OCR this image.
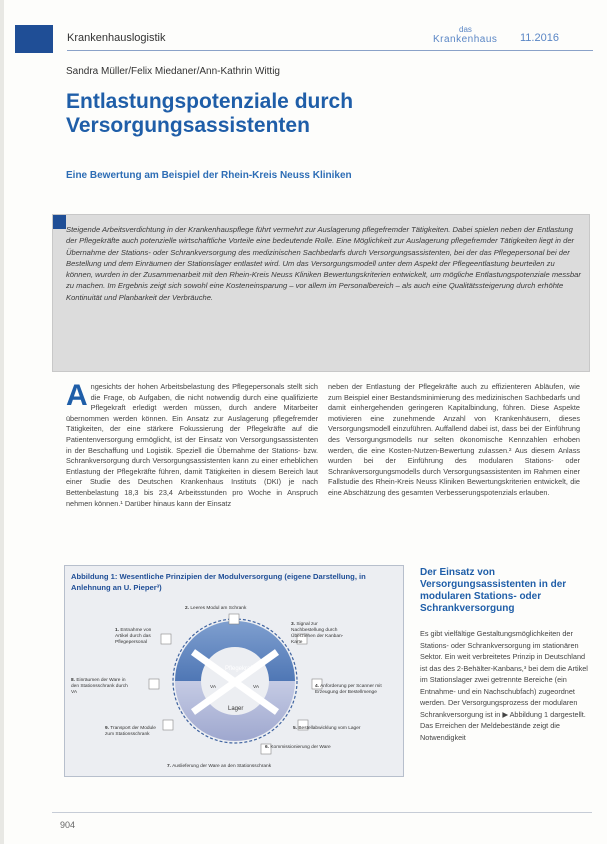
Krankenhauslogistik
das
Krankenhaus 11.2016
Sandra Müller/Felix Miedaner/Ann-Kathrin Wittig
Entlastungspotenziale durch Versorgungsassistenten
Eine Bewertung am Beispiel der Rhein-Kreis Neuss Kliniken
Steigende Arbeitsverdichtung in der Krankenhauspflege führt vermehrt zur Auslagerung pflegefremder Tätigkeiten. Dabei spielen neben der Entlastung der Pflegekräfte auch potenzielle wirtschaftliche Vorteile eine bedeutende Rolle. Eine Möglichkeit zur Auslagerung pflegefremder Tätigkeiten liegt in der Übernahme der Stations- oder Schrankversorgung des medizinischen Sachbedarfs durch Versorgungsassistenten, bei der das Pflegepersonal bei der Bestellung und dem Einräumen der Stationslager entlastet wird. Um das Versorgungsmodell unter dem Aspekt der Pflegeentlastung beurteilen zu können, wurden in der Zusammenarbeit mit den Rhein-Kreis Neuss Kliniken Bewertungskriterien entwickelt, um mögliche Entlastungspotenziale messbar zu machen. Im Ergebnis zeigt sich sowohl eine Kosteneinsparung – vor allem im Personalbereich – als auch eine Qualitätssteigerung durch erhöhte Kontinuität und Planbarkeit der Verbräuche.
A ngesichts der hohen Arbeitsbelastung des Pflegepersonals stellt sich die Frage, ob Aufgaben, die nicht notwendig durch eine qualifizierte Pflegekraft erledigt werden müssen, durch andere Mitarbeiter übernommen werden können. Ein Ansatz zur Auslagerung pflegefremder Tätigkeiten, der eine stärkere Fokussierung der Pflegekräfte auf die Patientenversorgung ermöglicht, ist der Einsatz von Versorgungsassistenten in der Beschaffung und Logistik. Speziell die Übernahme der Stations- bzw. Schrankversorgung durch Versorgungsassistenten kann zu einer erheblichen Entlastung der Pflegekräfte führen, damit Tätigkeiten in diesem Bereich laut einer Studie des Deutschen Krankenhaus Instituts (DKI) je nach Bettenbelastung 18,3 bis 23,4 Arbeitsstunden pro Woche in Anspruch nehmen können.¹ Darüber hinaus kann der Einsatz

neben der Entlastung der Pflegekräfte auch zu effizienteren Abläufen, wie zum Beispiel einer Bestandsminimierung des medizinischen Sachbedarfs und damit einhergehenden geringeren Kapitalbindung, führen. Diese Aspekte motivieren eine zunehmende Anzahl von Krankenhäusern, dieses Versorgungsmodell einzuführen. Auffallend dabei ist, dass bei der Einführung des Versorgungsmodells nur selten ökonomische Kennzahlen erhoben werden, die eine Kosten-Nutzen-Bewertung zulassen.² Aus diesem Anlass wurden bei der Einführung des modularen Stations- oder Schrankversorgungsmodells durch Versorgungsassistenten im Rahmen einer Fallstudie des Rhein-Kreis Neuss Kliniken Bewertungskriterien entwickelt, die eine Abschätzung des gesamten Verbesserungspotenzials erlauben.

Abbildung 1: Wesentliche Prinzipien der Modulversorgung (eigene Darstellung, in Anlehnung an U. Pieper³)
Pflegekraft
Lager
VA	VA
1. Entnahme von Artikel durch das Pflegepersonal
2. Leeres Modul am Schrank
3. Signal zur Nachbestellung durch Überziehen der Kanban-Karte
4. Anforderung per Scanner mit Erzeugung der Bestellmenge
5. Bestellabwicklung vom Lager
6. Kommissionierung der Ware
7. Auslieferung der Ware an den Stationsschrank
8. Einräumen der Ware in den Stationsschrank durch VA
9. Transport der Module zum Stationsschrank
Der Einsatz von Versorgungsassistenten in der modularen Stations- oder Schrankversorgung
Es gibt vielfältige Gestaltungsmöglichkeiten der Stations- oder Schrankversorgung im stationären Sektor. Ein weit verbreitetes Prinzip in Deutschland ist das des 2-Behälter-Kanbans,³ bei dem die Artikel im Stationslager zwei getrennte Bereiche (ein Entnahme- und ein Nachschubfach) zugeordnet werden. Der Versorgungsprozess der modularen Schrankversorgung ist in ▶ Abbildung 1 dargestellt. Das Erreichen der Meldebestände zeigt die Notwendigkeit
904
